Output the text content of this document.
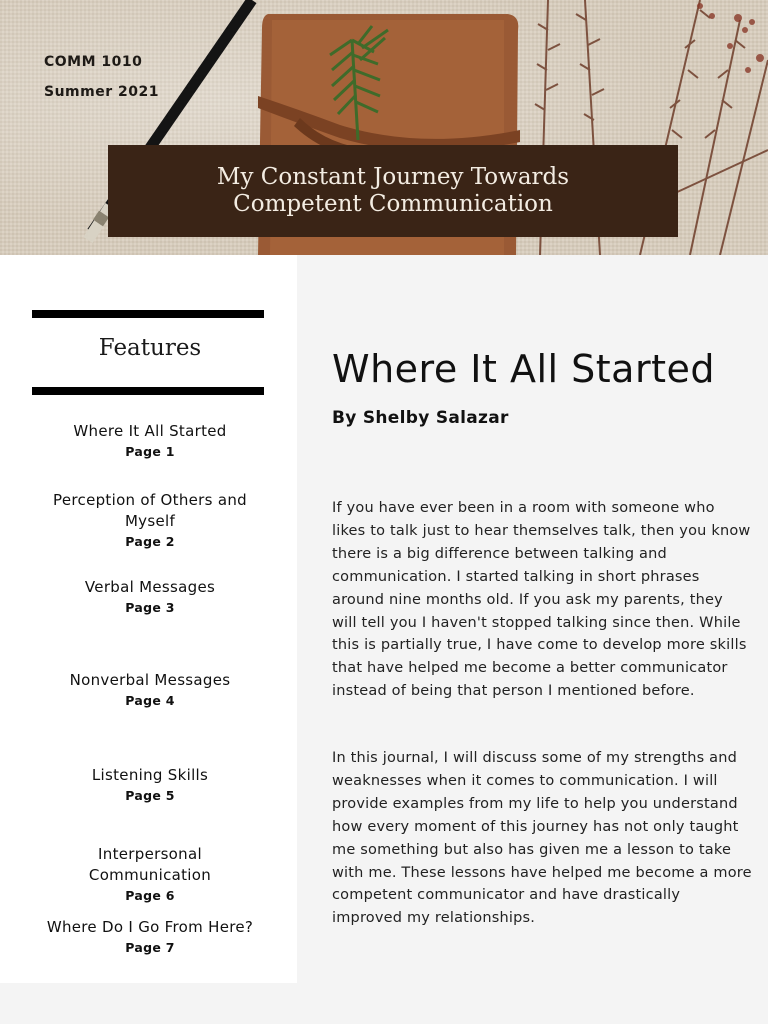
COMM 1010
Summer 2021
My Constant Journey Towards
Competent Communication
Features
Where It All Started
Page 1
Perception of Others and Myself
Page 2
Verbal Messages
Page 3
Nonverbal Messages
Page 4
Listening Skills
Page 5
Interpersonal Communication
Page 6
Where Do I Go From Here?
Page 7
Where It All Started
By Shelby Salazar

If you have ever been in a room with someone who likes to talk just to hear themselves talk, then you know there is a big difference between talking and communication. I started talking in short phrases around nine months old. If you ask my parents, they will tell you I haven't stopped talking since then. While this is partially true, I have come to develop more skills that have helped me become a better communicator instead of being that person I mentioned before.

In this journal, I will discuss some of my strengths and weaknesses when it comes to communication. I will provide examples from my life to help you understand how every moment of this journey has not only taught me something but also has given me a lesson to take with me. These lessons have helped me become a more competent communicator and have drastically improved my relationships.
